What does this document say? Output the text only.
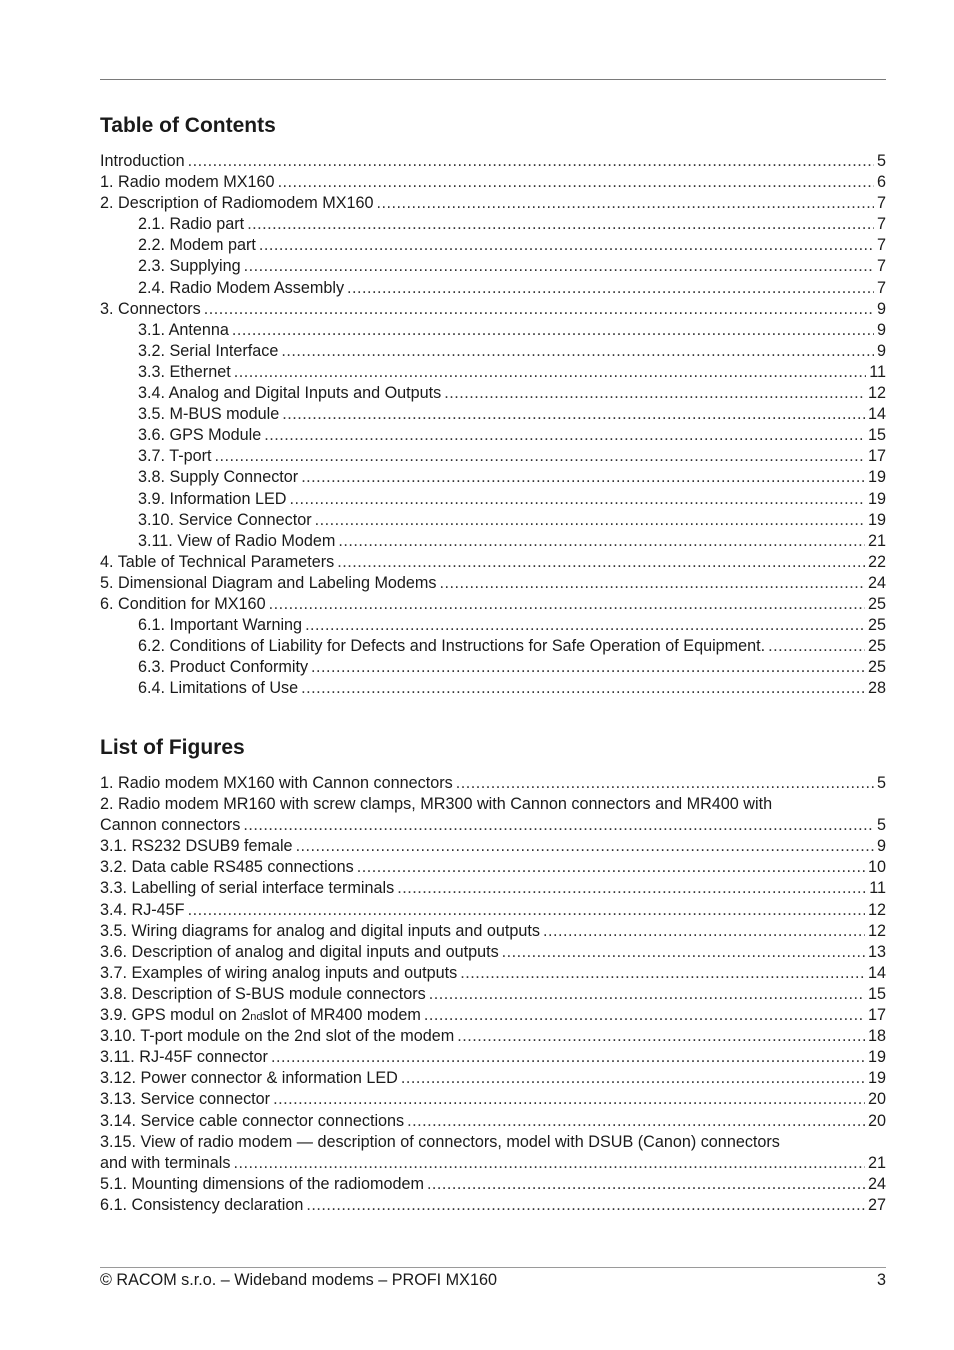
Table of Contents
Introduction .....	5
1. Radio modem MX160 .....	6
2. Description of Radiomodem MX160 .....	7
2.1. Radio part .....	7
2.2. Modem part .....	7
2.3. Supplying .....	7
2.4. Radio Modem Assembly .....	7
3. Connectors .....	9
3.1. Antenna .....	9
3.2. Serial Interface .....	9
3.3. Ethernet .....	11
3.4. Analog and Digital Inputs and Outputs .....	12
3.5. M-BUS module .....	14
3.6. GPS Module .....	15
3.7. T-port .....	17
3.8. Supply Connector .....	19
3.9. Information LED .....	19
3.10. Service Connector .....	19
3.11. View of Radio Modem .....	21
4. Table of Technical Parameters .....	22
5. Dimensional Diagram and Labeling Modems .....	24
6. Condition for MX160 .....	25
6.1. Important Warning .....	25
6.2. Conditions of Liability for Defects and Instructions for Safe Operation of Equipment. .....	25
6.3. Product Conformity .....	25
6.4. Limitations of Use .....	28
List of Figures
1. Radio modem MX160 with Cannon connectors .....	5
2. Radio modem MR160 with screw clamps, MR300 with Cannon connectors and MR400 with
Cannon connectors .....	5
3.1. RS232 DSUB9 female .....	9
3.2. Data cable RS485 connections .....	10
3.3. Labelling of serial interface terminals .....	11
3.4. RJ-45F .....	12
3.5. Wiring diagrams for analog and digital inputs and outputs .....	12
3.6. Description of analog and digital inputs and outputs .....	13
3.7. Examples of wiring analog inputs and outputs .....	14
3.8. Description of S-BUS module connectors .....	15
3.9. GPS modul on 2 nd slot of MR400 modem .....	17
3.10. T-port module on the 2nd slot of the modem .....	18
3.11. RJ-45F connector .....	19
3.12. Power connector & information LED .....	19
3.13. Service connector .....	20
3.14. Service cable connector connections .....	20
3.15. View of radio modem — description of connectors, model with DSUB (Canon) connectors
and with terminals .....	21
5.1. Mounting dimensions of the radiomodem .....	24
6.1. Consistency declaration .....	27
© RACOM s.r.o. – Wideband modems – PROFI MX160	3
